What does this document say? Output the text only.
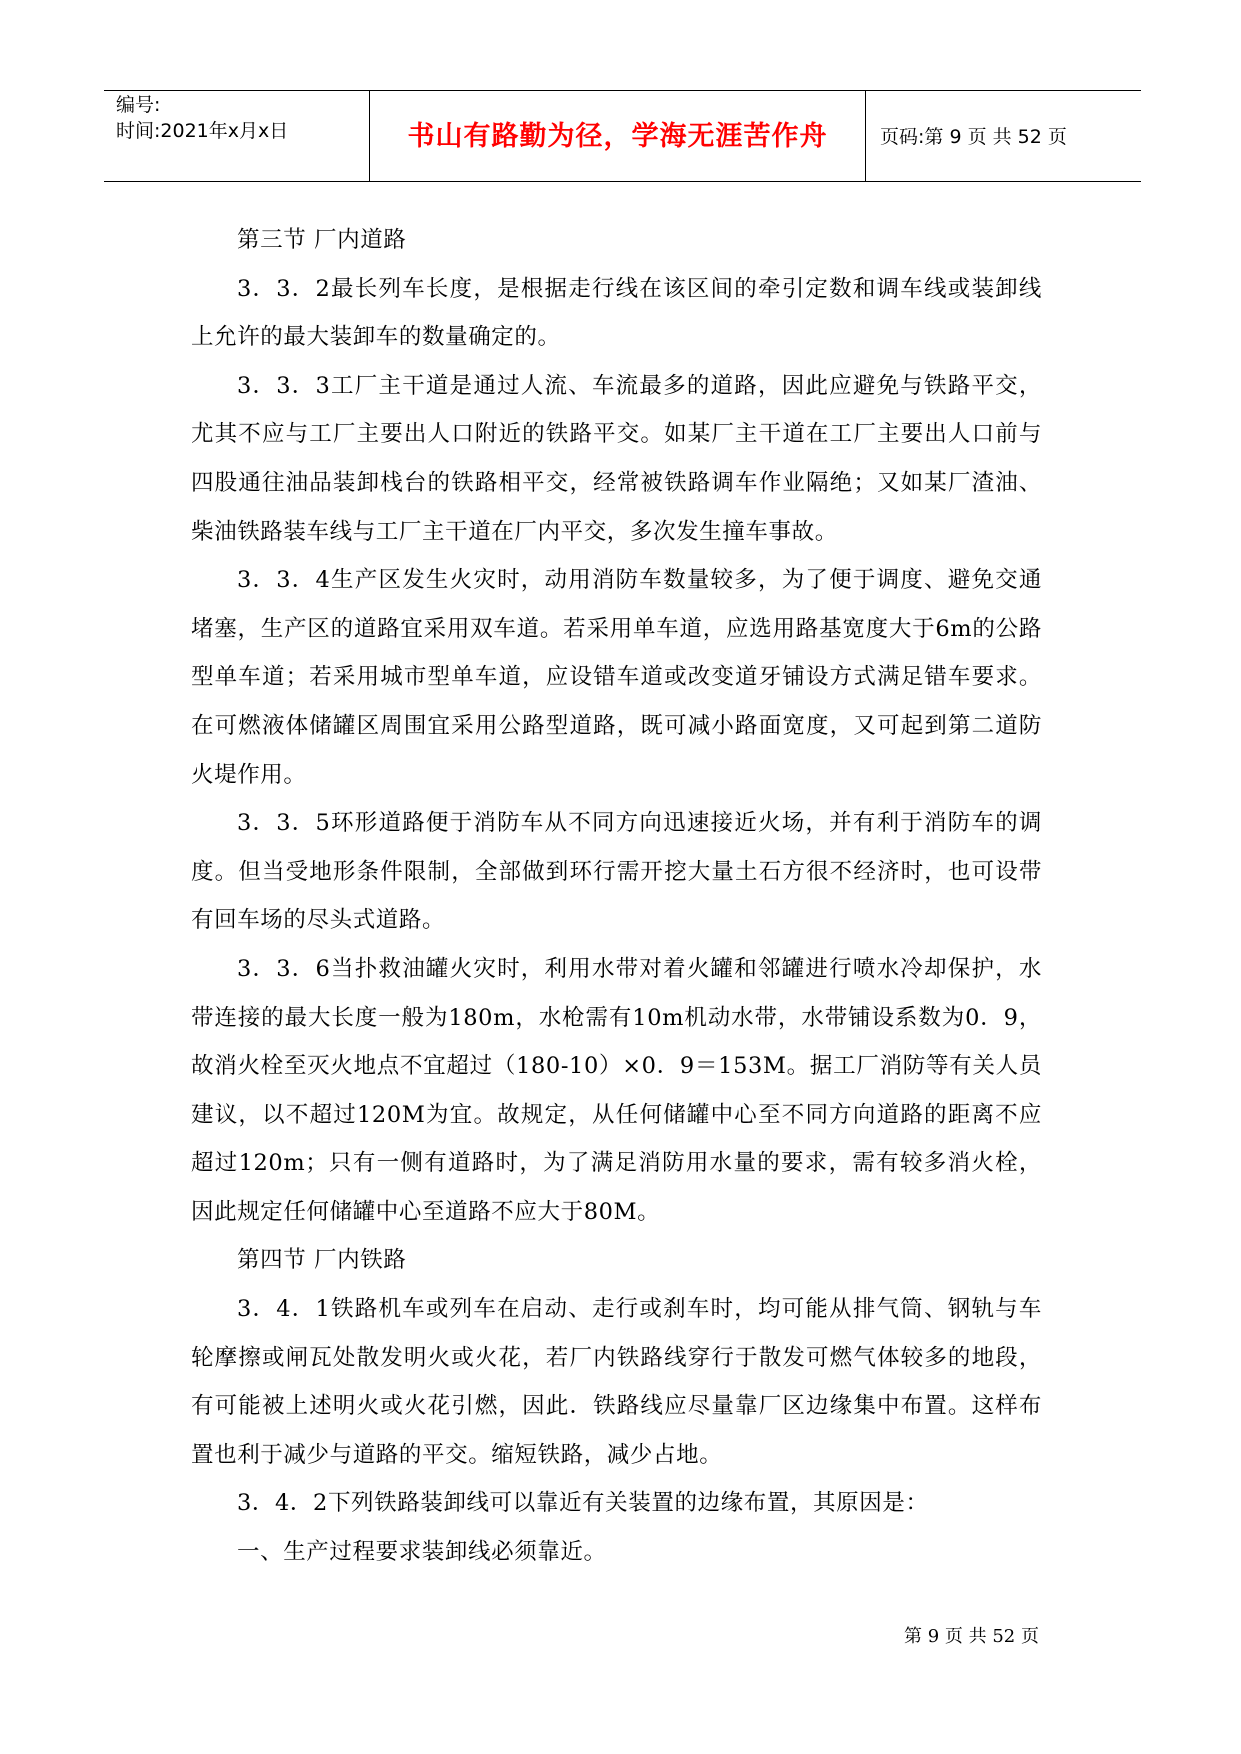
编号:
时间:2021年x月x日	书山有路勤为径，学海无涯苦作舟	页码:第 9 页 共 52 页

第三节 厂内道路

3．3．2最长列车长度，是根据走行线在该区间的牵引定数和调车线或装卸线上允许的最大装卸车的数量确定的。

3．3．3工厂主干道是通过人流、车流最多的道路，因此应避免与铁路平交，尤其不应与工厂主要出人口附近的铁路平交。如某厂主干道在工厂主要出人口前与四股通往油品装卸栈台的铁路相平交，经常被铁路调车作业隔绝；又如某厂渣油、柴油铁路装车线与工厂主干道在厂内平交，多次发生撞车事故。

3．3．4生产区发生火灾时，动用消防车数量较多，为了便于调度、避免交通堵塞，生产区的道路宜采用双车道。若采用单车道，应选用路基宽度大于6m的公路型单车道；若采用城市型单车道，应设错车道或改变道牙铺设方式满足错车要求。在可燃液体储罐区周围宜采用公路型道路，既可减小路面宽度，又可起到第二道防火堤作用。

3．3．5环形道路便于消防车从不同方向迅速接近火场，并有利于消防车的调度。但当受地形条件限制，全部做到环行需开挖大量土石方很不经济时，也可设带有回车场的尽头式道路。

3．3．6当扑救油罐火灾时，利用水带对着火罐和邻罐进行喷水冷却保护，水带连接的最大长度一般为180m，水枪需有10m机动水带，水带铺设系数为0．9，故消火栓至灭火地点不宜超过（180-10）×0．9＝153M。据工厂消防等有关人员建议，以不超过120M为宜。故规定，从任何储罐中心至不同方向道路的距离不应超过120m；只有一侧有道路时，为了满足消防用水量的要求，需有较多消火栓，因此规定任何储罐中心至道路不应大于80M。

第四节 厂内铁路

3．4．1铁路机车或列车在启动、走行或刹车时，均可能从排气筒、钢轨与车轮摩擦或闸瓦处散发明火或火花，若厂内铁路线穿行于散发可燃气体较多的地段，有可能被上述明火或火花引燃，因此．铁路线应尽量靠厂区边缘集中布置。这样布置也利于减少与道路的平交。缩短铁路，减少占地。

3．4．2下列铁路装卸线可以靠近有关装置的边缘布置，其原因是：

一、生产过程要求装卸线必须靠近。

第 9 页 共 52 页
